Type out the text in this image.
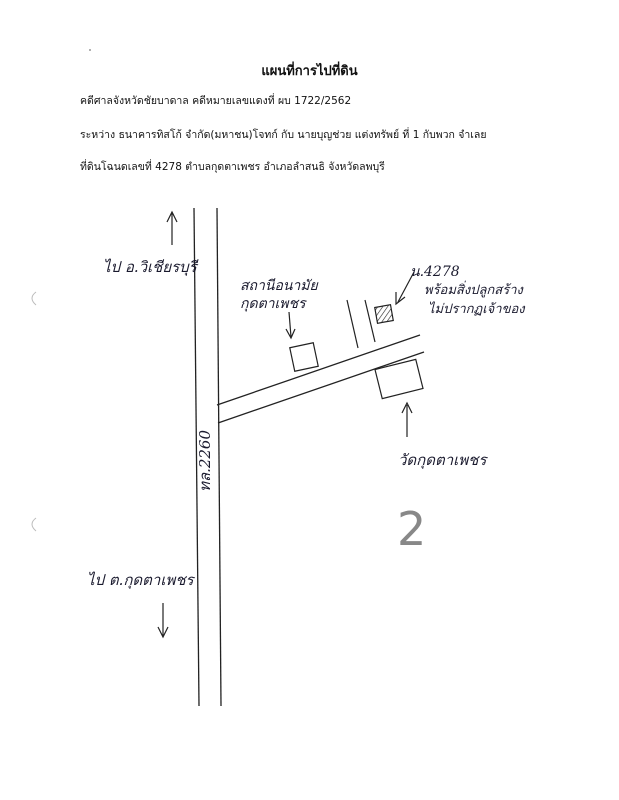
แผนที่การไปที่ดิน
คดีศาลจังหวัดชัยบาดาล คดีหมายเลขแดงที่ ผบ 1722/2562
ระหว่าง ธนาคารทิสโก้ จำกัด(มหาชน)โจทก์ กับ นายบุญช่วย แต่งทรัพย์ ที่ 1 กับพวก จำเลย
ที่ดินโฉนดเลขที่ 4278 ตำบลกุดตาเพชร อำเภอลำสนธิ จังหวัดลพบุรี
ทล.2260
ไป อ.วิเชียรบุรี
ไป ต.กุดตาเพชร
สถานีอนามัย
กุดตาเพชร
น.4278
พร้อมสิ่งปลูกสร้าง
ไม่ปรากฏเจ้าของ
วัดกุดตาเพชร
2
